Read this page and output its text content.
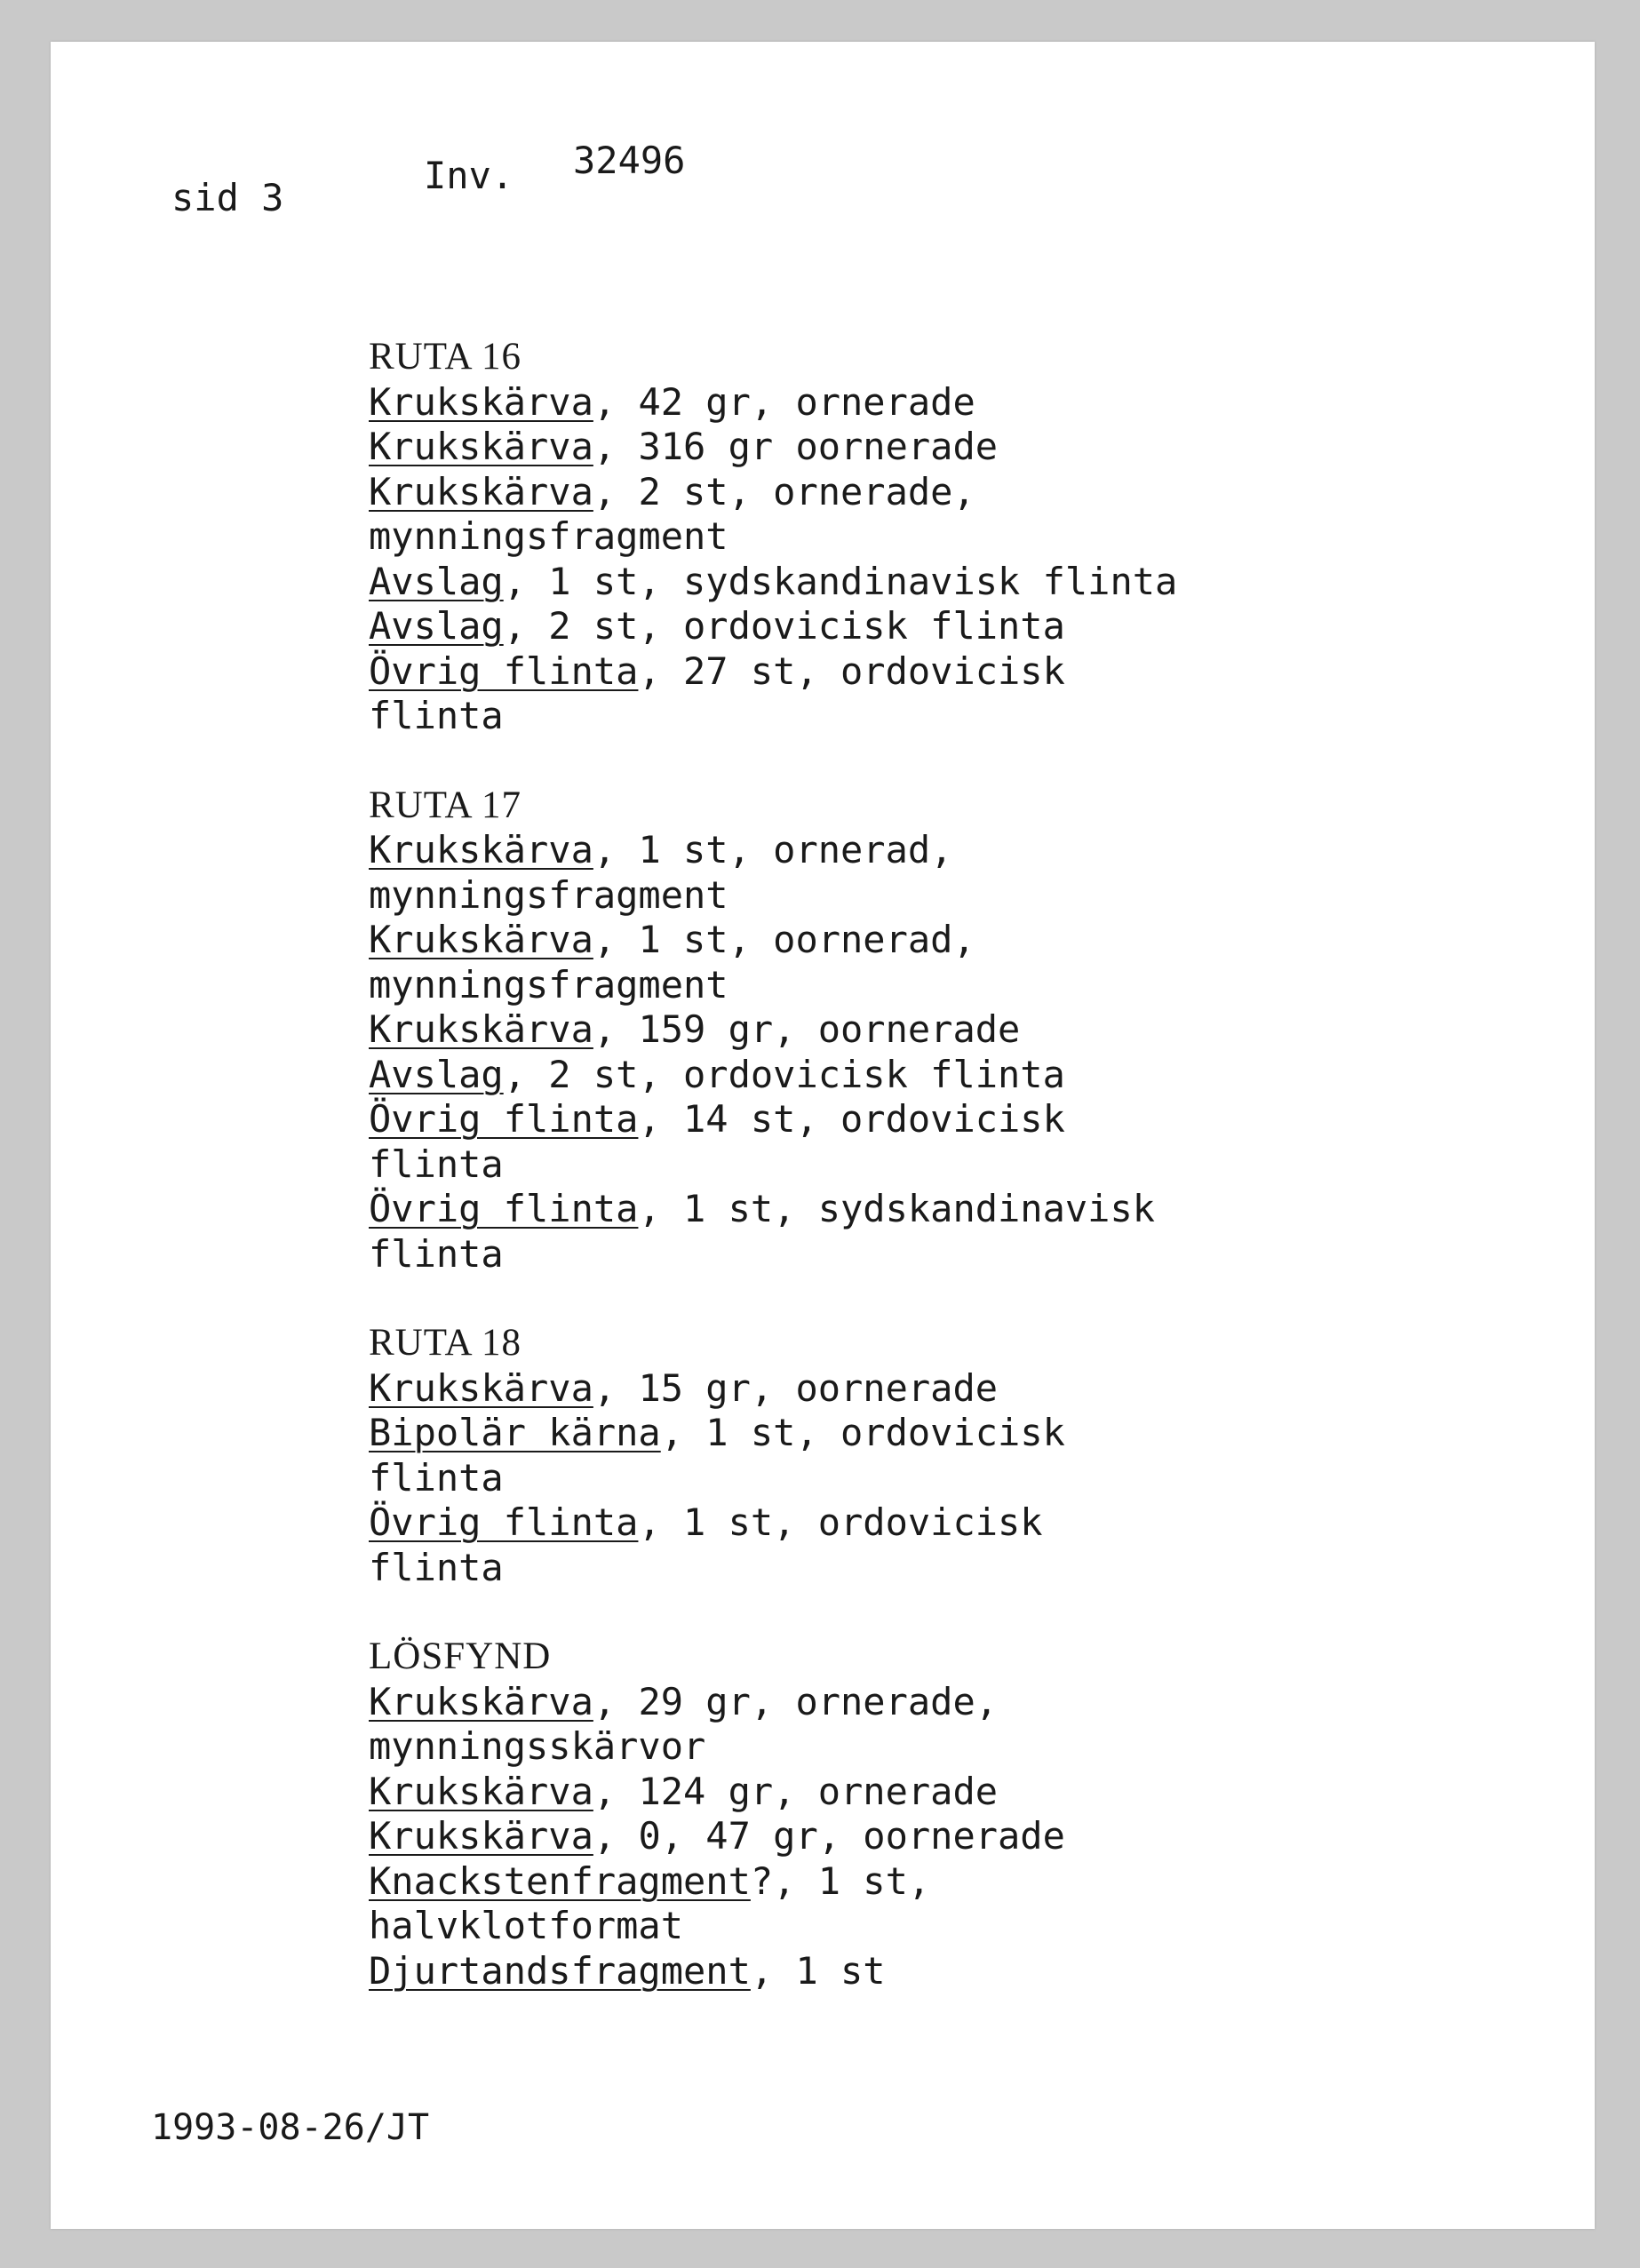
sid 3
Inv. 32496
RUTA 16
Krukskärva, 42 gr, ornerade
Krukskärva, 316 gr oornerade
Krukskärva, 2 st, ornerade,
mynningsfragment
Avslag, 1 st, sydskandinavisk flinta
Avslag, 2 st, ordovicisk flinta
Övrig flinta, 27 st, ordovicisk
flinta
RUTA 17
Krukskärva, 1 st, ornerad,
mynningsfragment
Krukskärva, 1 st, oornerad,
mynningsfragment
Krukskärva, 159 gr, oornerade
Avslag, 2 st, ordovicisk flinta
Övrig flinta, 14 st, ordovicisk
flinta
Övrig flinta, 1 st, sydskandinavisk
flinta
RUTA 18
Krukskärva, 15 gr, oornerade
Bipolär kärna, 1 st, ordovicisk
flinta
Övrig flinta, 1 st, ordovicisk
flinta
LÖSFYND
Krukskärva, 29 gr, ornerade,
mynningsskärvor
Krukskärva, 124 gr, ornerade
Krukskärva, 0, 47 gr, oornerade
Knackstenfragment?, 1 st,
halvklotformat
Djurtandsfragment, 1 st
1993-08-26/JT
